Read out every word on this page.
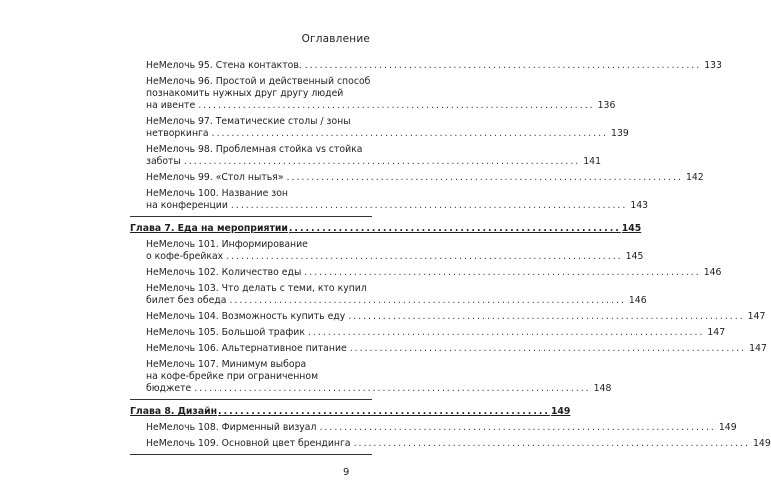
Оглавление
НеМелочь 95. Стена контактов. ................................................................................ 133
НеМелочь 96. Простой и действенный способ
познакомить нужных друг другу людей
на ивенте ................................................................................ 136
НеМелочь 97. Тематические столы / зоны
нетворкинга ................................................................................ 139
НеМелочь 98. Проблемная стойка vs стойка
заботы ................................................................................ 141
НеМелочь 99. «Стол нытья» ................................................................................ 142
НеМелочь 100. Название зон
на конференции ................................................................................ 143
Глава 7. Еда на мероприятии ............................................................ 145
НеМелочь 101. Информирование
о кофе-брейках ................................................................................ 145
НеМелочь 102. Количество еды ................................................................................ 146
НеМелочь 103. Что делать с теми, кто купил
билет без обеда ................................................................................ 146
НеМелочь 104. Возможность купить еду ................................................................................ 147
НеМелочь 105. Большой трафик ................................................................................ 147
НеМелочь 106. Альтернативное питание ................................................................................ 147
НеМелочь 107. Минимум выбора
на кофе-брейке при ограниченном
бюджете ................................................................................ 148
Глава 8. Дизайн ............................................................ 149
НеМелочь 108. Фирменный визуал ................................................................................ 149
НеМелочь 109. Основной цвет брендинга ................................................................................ 149
9
